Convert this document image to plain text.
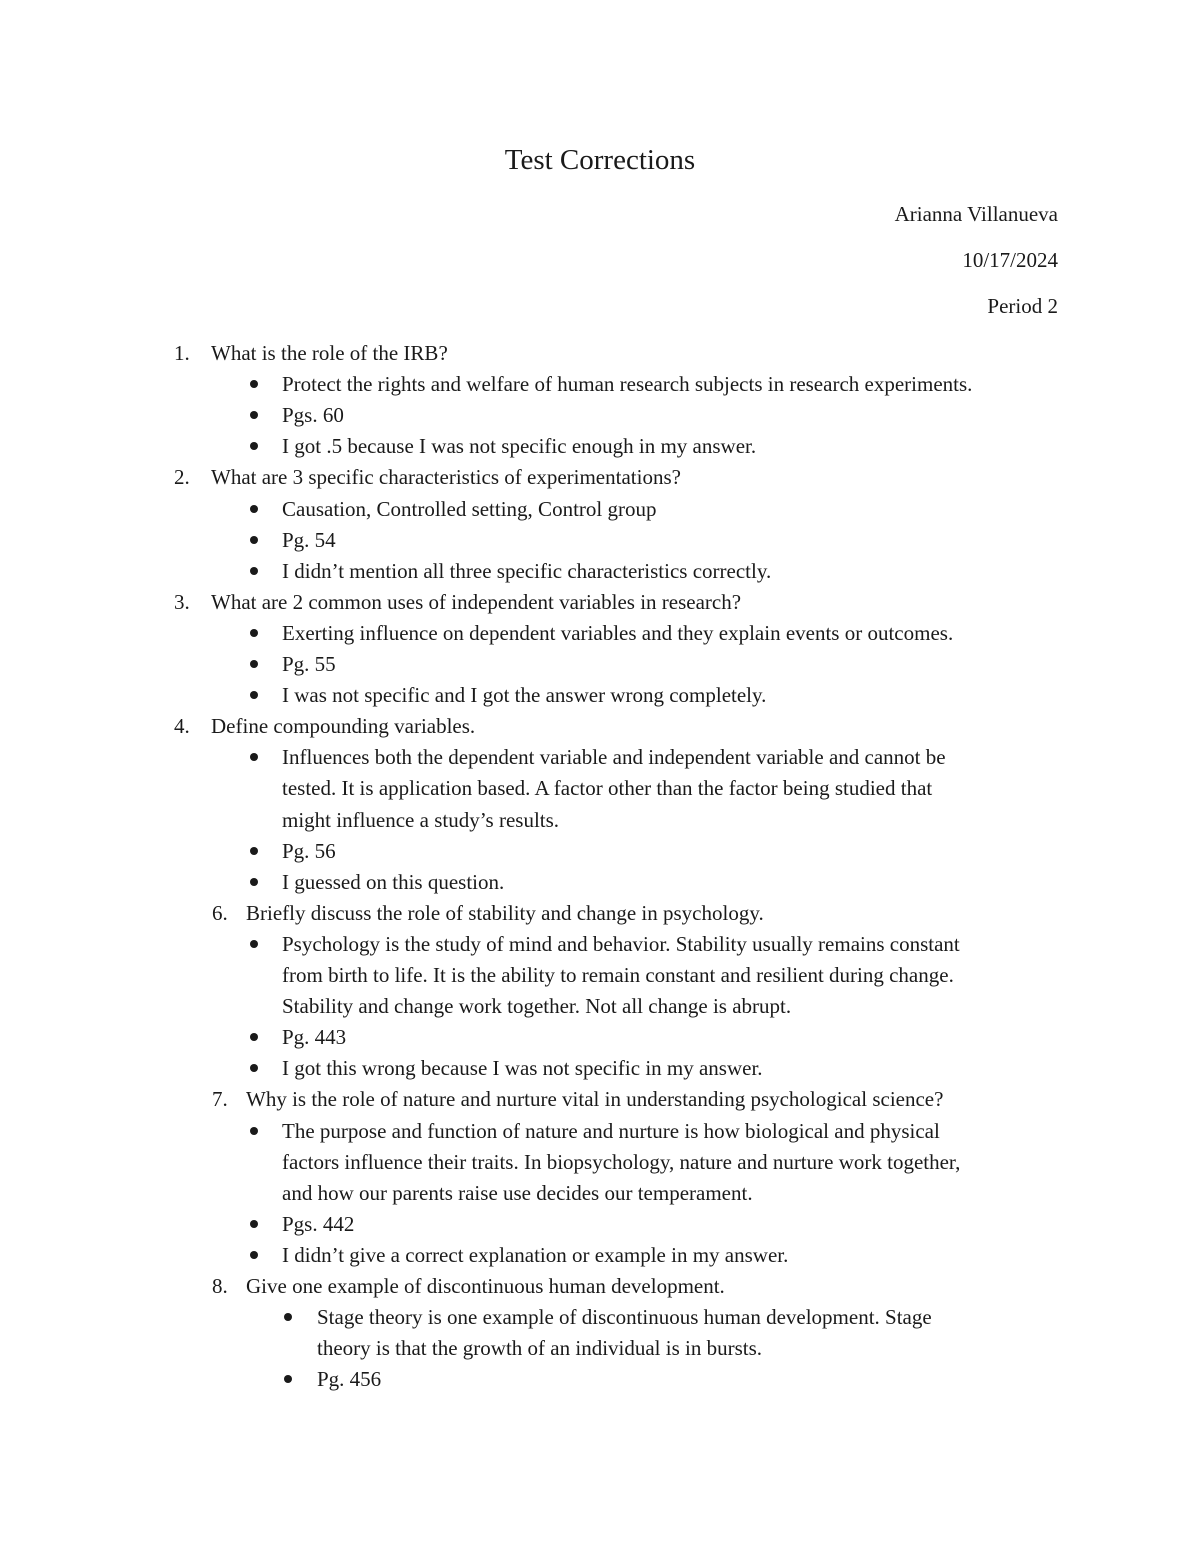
Test Corrections
Arianna Villanueva
10/17/2024
Period 2
1. What is the role of the IRB?
Protect the rights and welfare of human research subjects in research experiments.
Pgs. 60
I got .5 because I was not specific enough in my answer.
2. What are 3 specific characteristics of experimentations?
Causation, Controlled setting, Control group
Pg. 54
I didn’t mention all three specific characteristics correctly.
3. What are 2 common uses of independent variables in research?
Exerting influence on dependent variables and they explain events or outcomes.
Pg. 55
I was not specific and I got the answer wrong completely.
4. Define compounding variables.
Influences both the dependent variable and independent variable and cannot be
tested. It is application based. A factor other than the factor being studied that
might influence a study’s results.
Pg. 56
I guessed on this question.
6. Briefly discuss the role of stability and change in psychology.
Psychology is the study of mind and behavior. Stability usually remains constant
from birth to life. It is the ability to remain constant and resilient during change.
Stability and change work together. Not all change is abrupt.
Pg. 443
I got this wrong because I was not specific in my answer.
7. Why is the role of nature and nurture vital in understanding psychological science?
The purpose and function of nature and nurture is how biological and physical
factors influence their traits. In biopsychology, nature and nurture work together,
and how our parents raise use decides our temperament.
Pgs. 442
I didn’t give a correct explanation or example in my answer.
8. Give one example of discontinuous human development.
Stage theory is one example of discontinuous human development. Stage
theory is that the growth of an individual is in bursts.
Pg. 456
